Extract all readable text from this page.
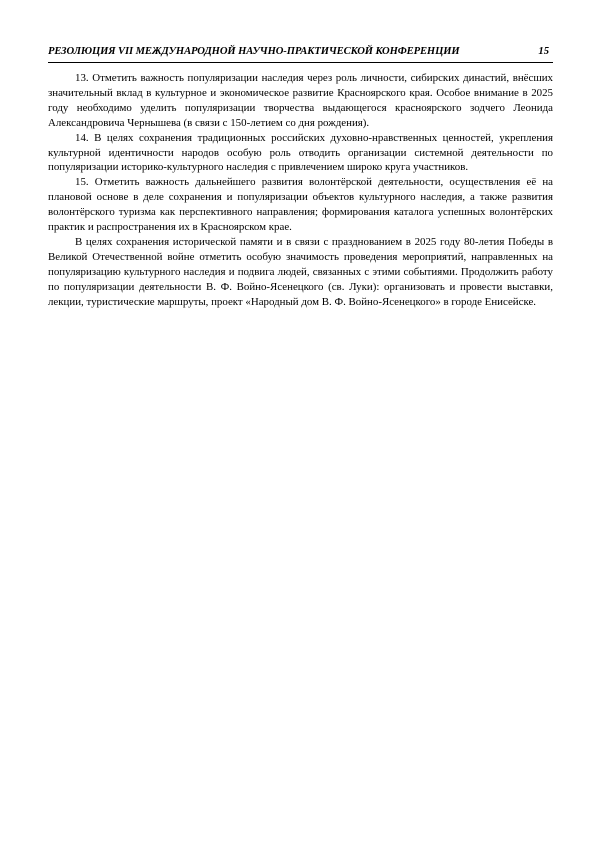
РЕЗОЛЮЦИЯ VII МЕЖДУНАРОДНОЙ НАУЧНО-ПРАКТИЧЕСКОЙ КОНФЕРЕНЦИИ	15

13. Отметить важность популяризации наследия через роль личности, сибирских династий, внёсших значительный вклад в культурное и экономическое развитие Красноярского края. Особое внимание в 2025 году необходимо уделить популяризации творчества выдающегося красноярского зодчего Леонида Александровича Чернышева (в связи с 150-летием со дня рождения).

14. В целях сохранения традиционных российских духовно-нравственных ценностей, укрепления культурной идентичности народов особую роль отводить организации системной деятельности по популяризации историко-культурного наследия с привлечением широко круга участников.

15. Отметить важность дальнейшего развития волонтёрской деятельности, осуществления её на плановой основе в деле сохранения и популяризации объектов культурного наследия, а также развития волонтёрского туризма как перспективного направления; формирования каталога успешных волонтёрских практик и распространения их в Красноярском крае.

В целях сохранения исторической памяти и в связи с празднованием в 2025 году 80-летия Победы в Великой Отечественной войне отметить особую значимость проведения мероприятий, направленных на популяризацию культурного наследия и подвига людей, связанных с этими событиями. Продолжить работу по популяризации деятельности В. Ф. Войно-Ясенецкого (св. Луки): организовать и провести выставки, лекции, туристические маршруты, проект «Народный дом В. Ф. Войно-Ясенецкого» в городе Енисейске.
